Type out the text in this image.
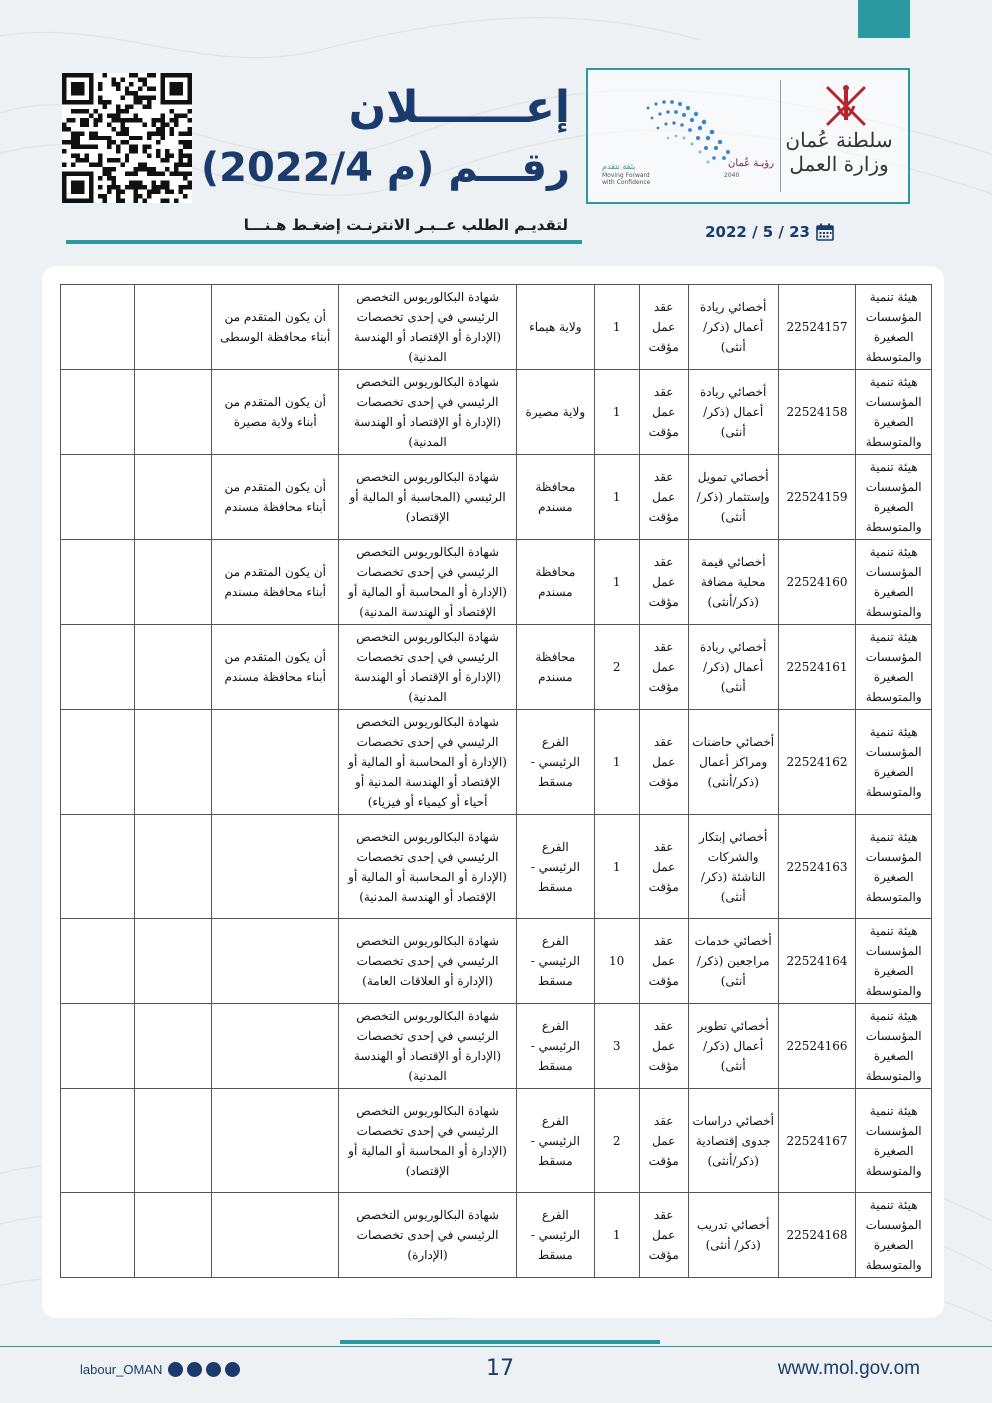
سلطنة عُمان
وزارة العمل
رؤيـة عُمان
2040
بثقة نتقدم
Moving Forward
with Confidence
2022 / 5 / 23
إعـــــــلان
رقـــم (م 2022/4)
لتقديـم الطلب عــبـر الانترنـت إضغـط هـنـــا
هيئة تنمية المؤسسات الصغيرة والمتوسطة	22524157	أخصائي ريادة أعمال (ذكر/ أنثى)	عقد عمل مؤقت	1	ولاية هيماء	شهادة البكالوريوس التخصص الرئيسي في إحدى تخصصات (الإدارة أو الإقتصاد أو الهندسة المدنية)	أن يكون المتقدم من أبناء محافظة الوسطى		
هيئة تنمية المؤسسات الصغيرة والمتوسطة	22524158	أخصائي ريادة أعمال (ذكر/ أنثى)	عقد عمل مؤقت	1	ولاية مصيرة	شهادة البكالوريوس التخصص الرئيسي في إحدى تخصصات (الإدارة أو الإقتصاد أو الهندسة المدنية)	أن يكون المتقدم من أبناء ولاية مصيرة		
هيئة تنمية المؤسسات الصغيرة والمتوسطة	22524159	أخصائي تمويل وإستثمار (ذكر/أنثى)	عقد عمل مؤقت	1	محافظة مسندم	شهادة البكالوريوس التخصص الرئيسي (المحاسبة أو المالية أو الإقتصاد)	أن يكون المتقدم من أبناء محافظة مسندم		
هيئة تنمية المؤسسات الصغيرة والمتوسطة	22524160	أخصائي قيمة محلية مضافة (ذكر/أنثى)	عقد عمل مؤقت	1	محافظة مسندم	شهادة البكالوريوس التخصص الرئيسي في إحدى تخصصات (الإدارة أو المحاسبة أو المالية أو الإقتصاد أو الهندسة المدنية)	أن يكون المتقدم من أبناء محافظة مسندم		
هيئة تنمية المؤسسات الصغيرة والمتوسطة	22524161	أخصائي ريادة أعمال (ذكر/ أنثى)	عقد عمل مؤقت	2	محافظة مسندم	شهادة البكالوريوس التخصص الرئيسي في إحدى تخصصات (الإدارة أو الإقتصاد أو الهندسة المدنية)	أن يكون المتقدم من أبناء محافظة مسندم		
هيئة تنمية المؤسسات الصغيرة والمتوسطة	22524162	أخصائي حاضنات ومراكز أعمال (ذكر/أنثى)	عقد عمل مؤقت	1	الفرع الرئيسي - مسقط	شهادة البكالوريوس التخصص الرئيسي في إحدى تخصصات (الإدارة أو المحاسبة أو المالية أو الإقتصاد أو الهندسة المدنية أو أحياء أو كيمياء أو فيزياء)			
هيئة تنمية المؤسسات الصغيرة والمتوسطة	22524163	أخصائي إبتكار والشركات الناشئة (ذكر/ أنثى)	عقد عمل مؤقت	1	الفرع الرئيسي - مسقط	شهادة البكالوريوس التخصص الرئيسي في إحدى تخصصات (الإدارة أو المحاسبة أو المالية أو الإقتصاد أو الهندسة المدنية)			
هيئة تنمية المؤسسات الصغيرة والمتوسطة	22524164	أخصائي خدمات مراجعين (ذكر/أنثى)	عقد عمل مؤقت	10	الفرع الرئيسي - مسقط	شهادة البكالوريوس التخصص الرئيسي في إحدى تخصصات (الإدارة أو العلاقات العامة)			
هيئة تنمية المؤسسات الصغيرة والمتوسطة	22524166	أخصائي تطوير أعمال (ذكر/أنثى)	عقد عمل مؤقت	3	الفرع الرئيسي - مسقط	شهادة البكالوريوس التخصص الرئيسي في إحدى تخصصات (الإدارة أو الإقتصاد أو الهندسة المدنية)			
هيئة تنمية المؤسسات الصغيرة والمتوسطة	22524167	أخصائي دراسات جدوى إقتصادية (ذكر/أنثى)	عقد عمل مؤقت	2	الفرع الرئيسي - مسقط	شهادة البكالوريوس التخصص الرئيسي في إحدى تخصصات (الإدارة أو المحاسبة أو المالية أو الإقتصاد)			
هيئة تنمية المؤسسات الصغيرة والمتوسطة	22524168	أخصائي تدريب (ذكر/ أنثى)	عقد عمل مؤقت	1	الفرع الرئيسي - مسقط	شهادة البكالوريوس التخصص الرئيسي في إحدى تخصصات (الإدارة)			
labour_OMAN	17	www.mol.gov.om
